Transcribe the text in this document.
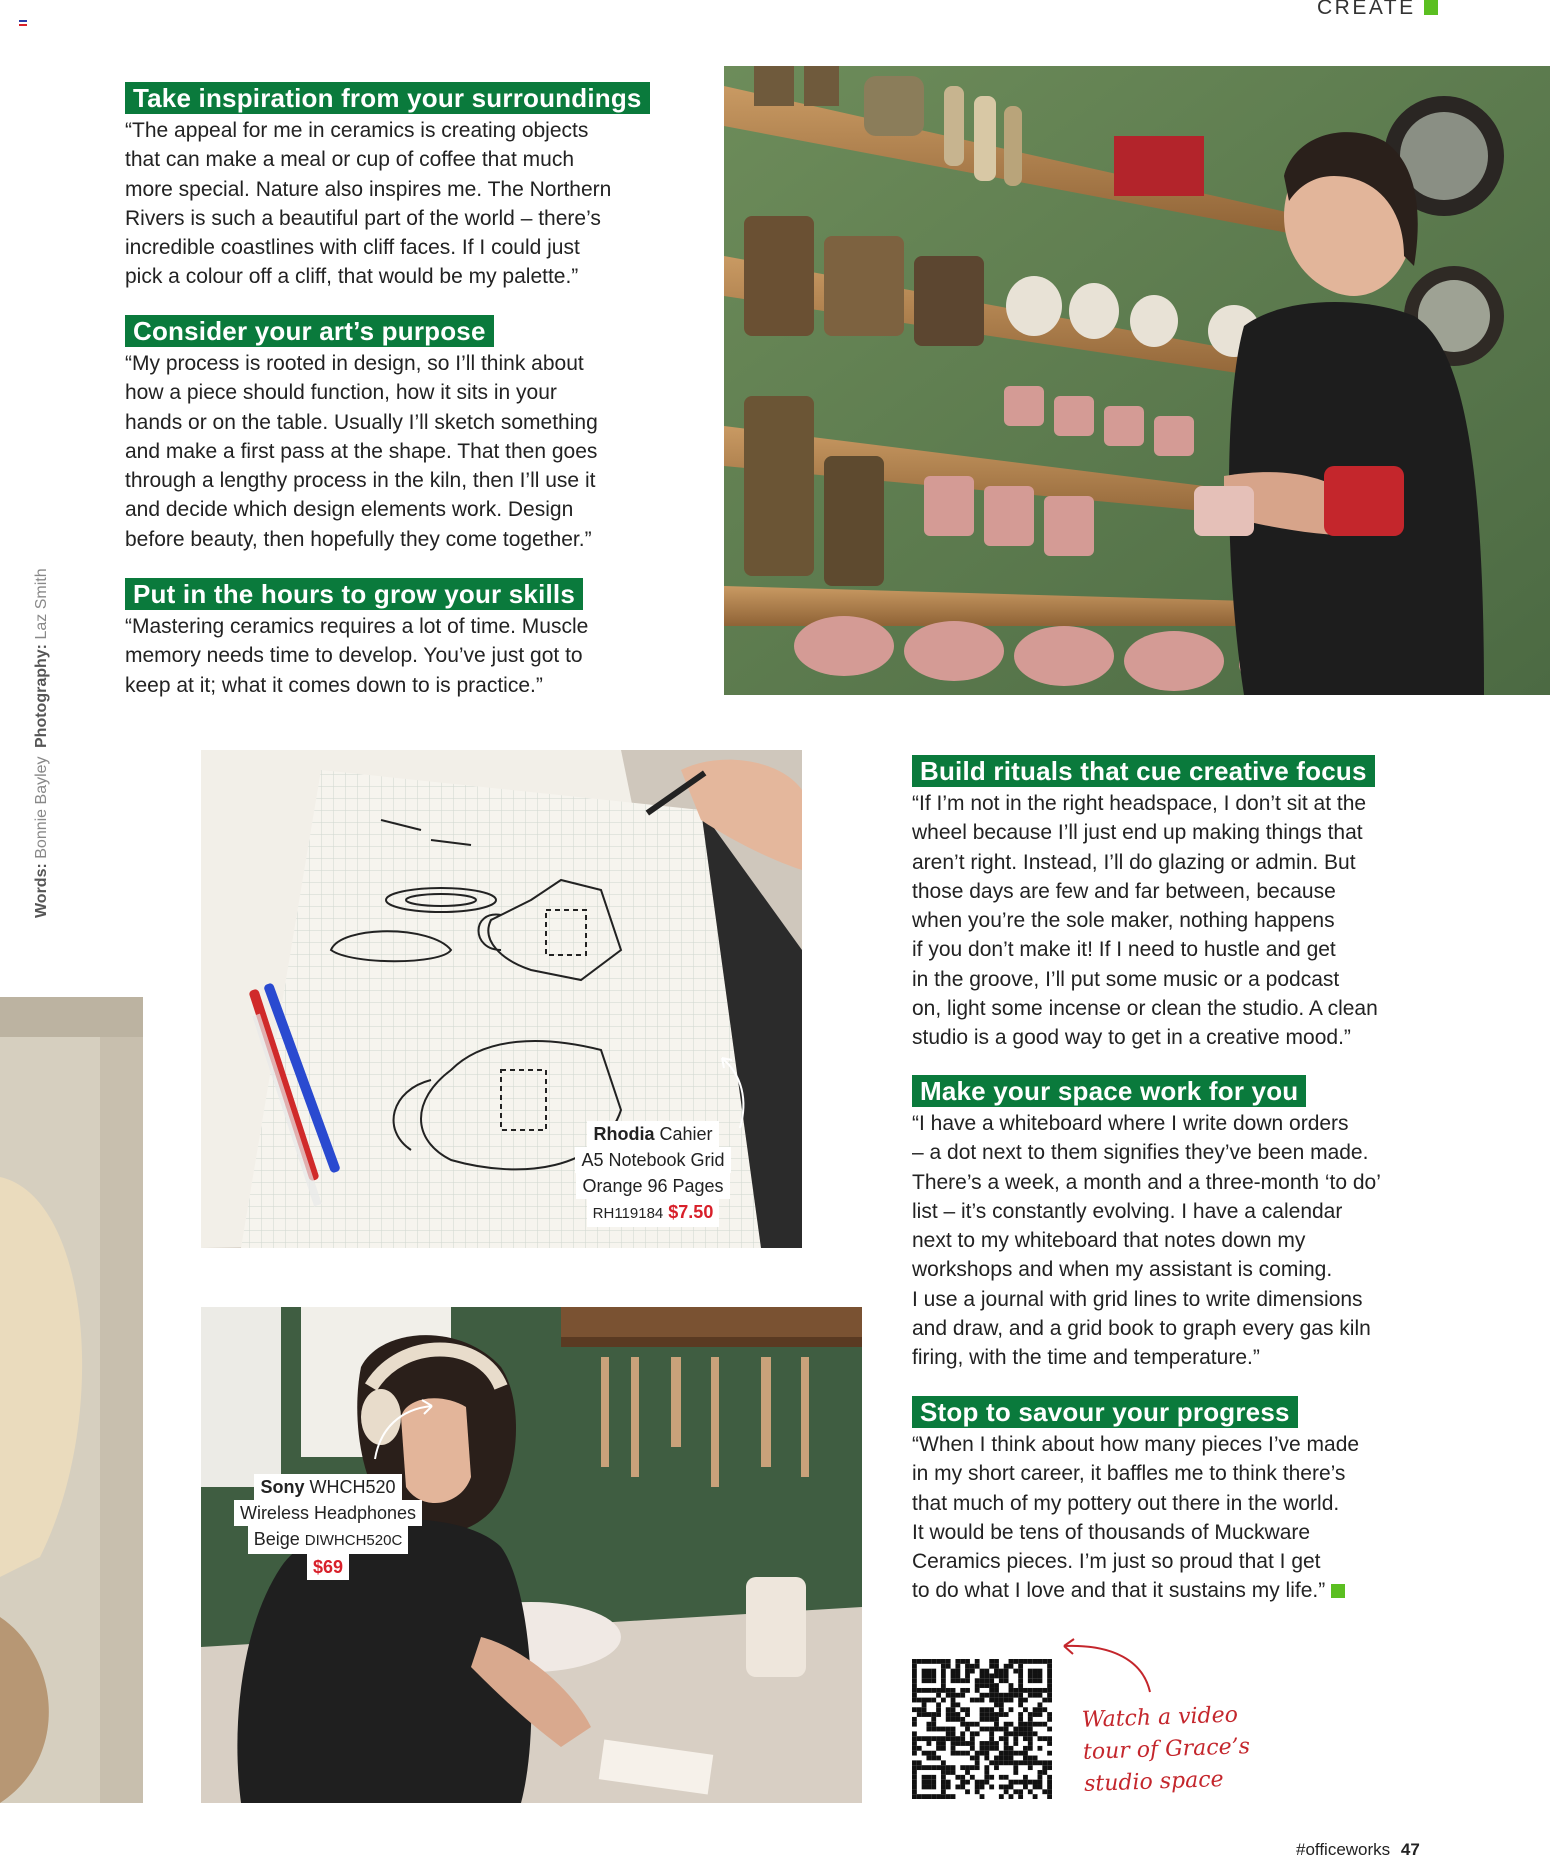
CREATE
Words: Bonnie Bayley Photography: Laz Smith
Take inspiration from your surroundings

“The appeal for me in ceramics is creating objects

that can make a meal or cup of coffee that much

more special. Nature also inspires me. The Northern

Rivers is such a beautiful part of the world – there’s

incredible coastlines with cliff faces. If I could just

pick a colour off a cliff, that would be my palette.”

Consider your art’s purpose

“My process is rooted in design, so I’ll think about

how a piece should function, how it sits in your

hands or on the table. Usually I’ll sketch something

and make a first pass at the shape. That then goes

through a lengthy process in the kiln, then I’ll use it

and decide which design elements work. Design

before beauty, then hopefully they come together.”

Put in the hours to grow your skills

“Mastering ceramics requires a lot of time. Muscle

memory needs time to develop. You’ve just got to

keep at it; what it comes down to is practice.”

Rhodia Cahier
A5 Notebook Grid
Orange 96 Pages
RH119184 $7.50
Sony WHCH520
Wireless Headphones
Beige DIWHCH520C
$69
Build rituals that cue creative focus

“If I’m not in the right headspace, I don’t sit at the

wheel because I’ll just end up making things that

aren’t right. Instead, I’ll do glazing or admin. But

those days are few and far between, because

when you’re the sole maker, nothing happens

if you don’t make it! If I need to hustle and get

in the groove, I’ll put some music or a podcast

on, light some incense or clean the studio. A clean

studio is a good way to get in a creative mood.”

Make your space work for you

“I have a whiteboard where I write down orders

– a dot next to them signifies they’ve been made.

There’s a week, a month and a three-month ‘to do’

list – it’s constantly evolving. I have a calendar

next to my whiteboard that notes down my

workshops and when my assistant is coming.

I use a journal with grid lines to write dimensions

and draw, and a grid book to graph every gas kiln

firing, with the time and temperature.”

Stop to savour your progress

“When I think about how many pieces I’ve made

in my short career, it baffles me to think there’s

that much of my pottery out there in the world.

It would be tens of thousands of Muckware

Ceramics pieces. I’m just so proud that I get

to do what I love and that it sustains my life.”

Watch a video
tour of Grace’s
studio space
#officeworks 47
